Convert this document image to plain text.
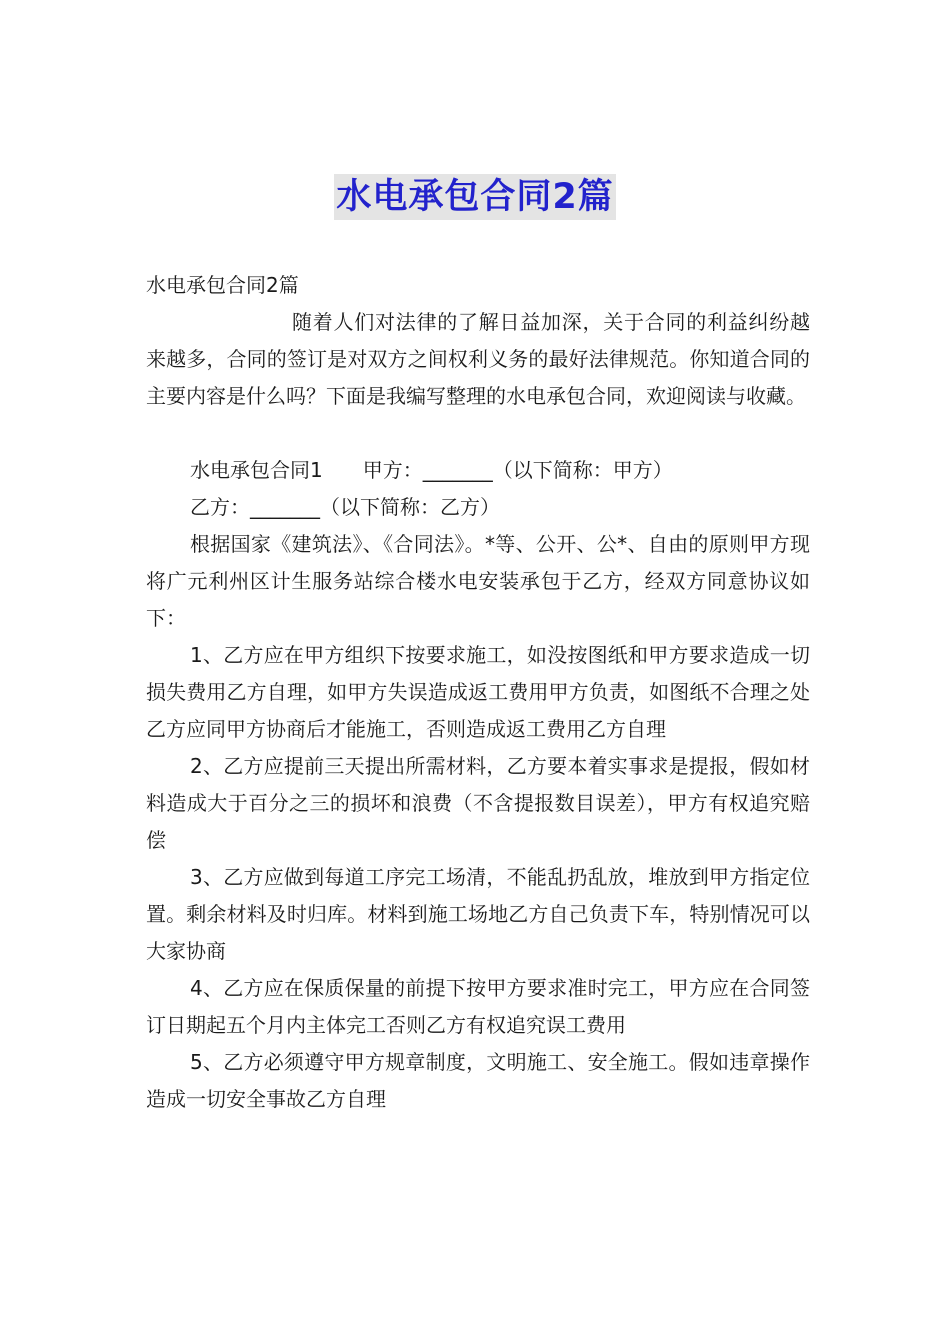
水电承包合同2篇

水电承包合同2篇

随着人们对法律的了解日益加深，关于合同的利益纠纷越来越多，合同的签订是对双方之间权利义务的最好法律规范。你知道合同的主要内容是什么吗？下面是我编写整理的水电承包合同，欢迎阅读与收藏。

水电承包合同1 甲方：_______（以下简称：甲方）

乙方：_______（以下简称：乙方）

根据国家《建筑法》、《合同法》。*等、公开、公*、自由的原则甲方现将广元利州区计生服务站综合楼水电安装承包于乙方，经双方同意协议如下：

1、乙方应在甲方组织下按要求施工，如没按图纸和甲方要求造成一切损失费用乙方自理，如甲方失误造成返工费用甲方负责，如图纸不合理之处乙方应同甲方协商后才能施工，否则造成返工费用乙方自理

2、乙方应提前三天提出所需材料，乙方要本着实事求是提报，假如材料造成大于百分之三的损坏和浪费（不含提报数目误差），甲方有权追究赔偿

3、乙方应做到每道工序完工场清，不能乱扔乱放，堆放到甲方指定位置。剩余材料及时归库。材料到施工场地乙方自己负责下车，特别情况可以大家协商

4、乙方应在保质保量的前提下按甲方要求准时完工，甲方应在合同签订日期起五个月内主体完工否则乙方有权追究误工费用

5、乙方必须遵守甲方规章制度，文明施工、安全施工。假如违章操作造成一切安全事故乙方自理
